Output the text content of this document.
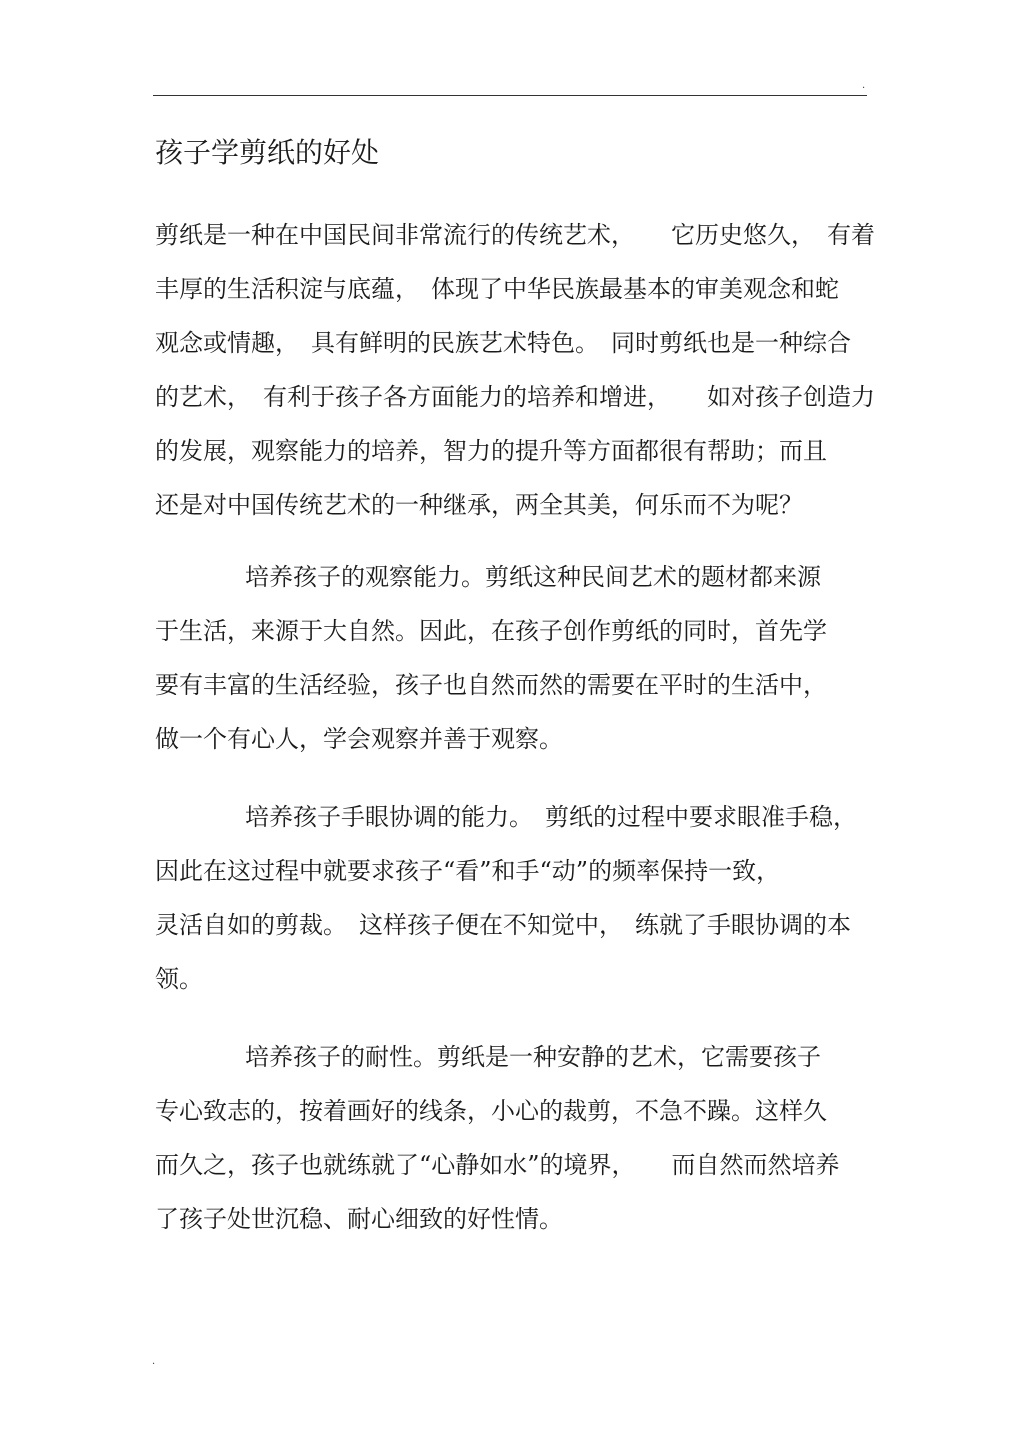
·
孩子学剪纸的好处
剪纸是一种在中国民间非常流行的传统艺术，　　它历史悠久，　有着
丰厚的生活积淀与底蕴，　体现了中华民族最基本的审美观念和蛇
观念或情趣，　具有鲜明的民族艺术特色。　同时剪纸也是一种综合
的艺术，　有利于孩子各方面能力的培养和增进，　　如对孩子创造力
的发展，观察能力的培养，智力的提升等方面都很有帮助；而且
还是对中国传统艺术的一种继承，两全其美，何乐而不为呢？
培养孩子的观察能力。剪纸这种民间艺术的题材都来源
于生活，来源于大自然。因此，在孩子创作剪纸的同时，首先学
要有丰富的生活经验，孩子也自然而然的需要在平时的生活中，
做一个有心人，学会观察并善于观察。
培养孩子手眼协调的能力。　剪纸的过程中要求眼准手稳，
因此在这过程中就要求孩子“看”和手“动”的频率保持一致，
灵活自如的剪裁。　这样孩子便在不知觉中，　练就了手眼协调的本
领。
培养孩子的耐性。剪纸是一种安静的艺术，它需要孩子
专心致志的，按着画好的线条，小心的裁剪，不急不躁。这样久
而久之，孩子也就练就了“心静如水”的境界，　　而自然而然培养
了孩子处世沉稳、耐心细致的好性情。
·
